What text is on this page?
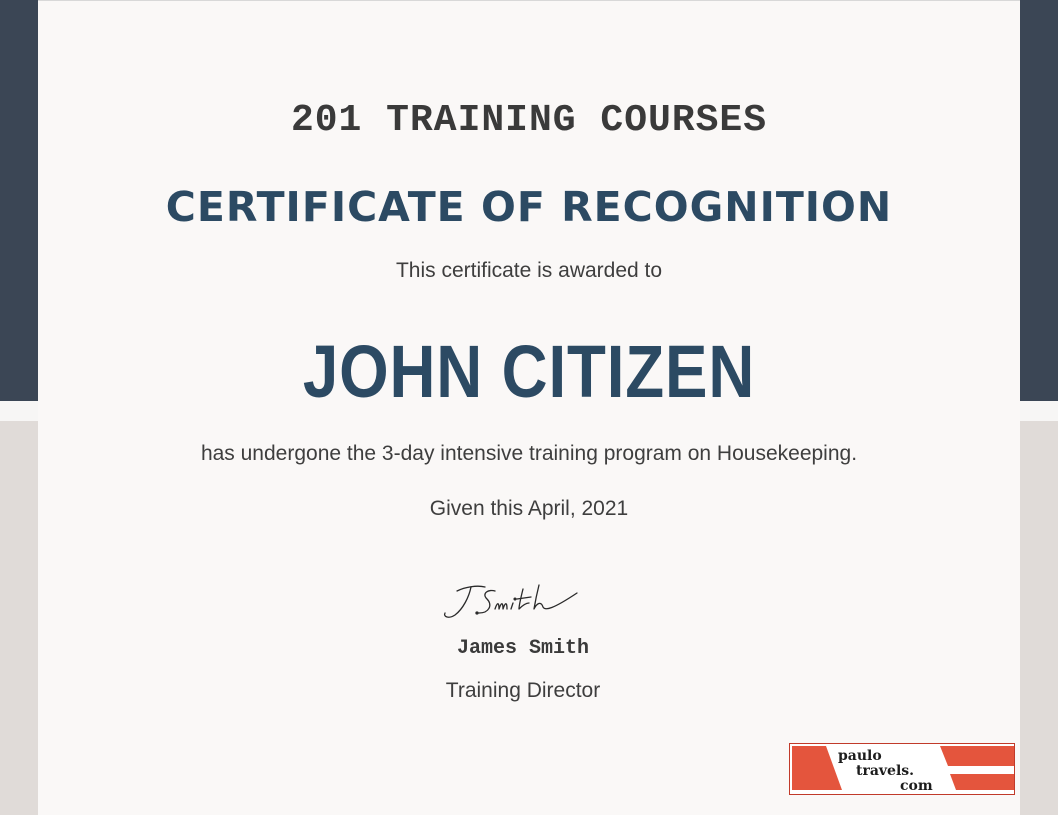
201 TRAINING COURSES
CERTIFICATE OF RECOGNITION
This certificate is awarded to
JOHN CITIZEN
has undergone the 3-day intensive training program on Housekeeping.
Given this April, 2021
James Smith
Training Director
paulo
travels.
com
